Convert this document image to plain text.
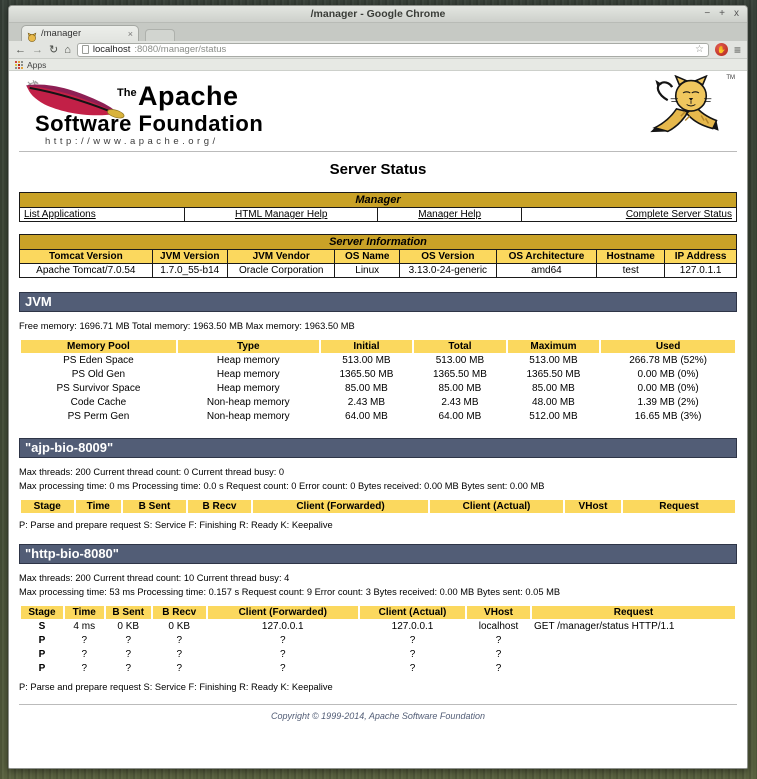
/manager - Google Chrome	− + x
/manager	×
← → ↻ ⌂ localhost :8080/manager/status	☆	✋ ≡
Apps
The Apache
Software Foundation
http://www.apache.org/
TM
Server Status
Manager
List Applications	HTML Manager Help	Manager Help	Complete Server Status
Server Information							
Tomcat Version	JVM Version	JVM Vendor	OS Name	OS Version	OS Architecture	Hostname	IP Address
Apache Tomcat/7.0.54	1.7.0_55-b14	Oracle Corporation	Linux	3.13.0-24-generic	amd64	test	127.0.1.1
JVM
Free memory: 1696.71 MB Total memory: 1963.50 MB Max memory: 1963.50 MB
Memory Pool	Type	Initial	Total	Maximum	Used
PS Eden Space	Heap memory	513.00 MB	513.00 MB	513.00 MB	266.78 MB (52%)
PS Old Gen	Heap memory	1365.50 MB	1365.50 MB	1365.50 MB	0.00 MB (0%)
PS Survivor Space	Heap memory	85.00 MB	85.00 MB	85.00 MB	0.00 MB (0%)
Code Cache	Non-heap memory	2.43 MB	2.43 MB	48.00 MB	1.39 MB (2%)
PS Perm Gen	Non-heap memory	64.00 MB	64.00 MB	512.00 MB	16.65 MB (3%)
"ajp-bio-8009"
Max threads: 200 Current thread count: 0 Current thread busy: 0
Max processing time: 0 ms Processing time: 0.0 s Request count: 0 Error count: 0 Bytes received: 0.00 MB Bytes sent: 0.00 MB
Stage	Time	B Sent	B Recv	Client (Forwarded)	Client (Actual)	VHost	Request
P: Parse and prepare request S: Service F: Finishing R: Ready K: Keepalive
"http-bio-8080"
Max threads: 200 Current thread count: 10 Current thread busy: 4
Max processing time: 53 ms Processing time: 0.157 s Request count: 9 Error count: 3 Bytes received: 0.00 MB Bytes sent: 0.05 MB
Stage	Time	B Sent	B Recv	Client (Forwarded)	Client (Actual)	VHost	Request
S	4 ms	0 KB	0 KB	127.0.0.1	127.0.0.1	localhost	GET /manager/status HTTP/1.1
P	?	?	?	?	?	?	
P	?	?	?	?	?	?	
P	?	?	?	?	?	?	
P: Parse and prepare request S: Service F: Finishing R: Ready K: Keepalive
Copyright © 1999-2014, Apache Software Foundation
